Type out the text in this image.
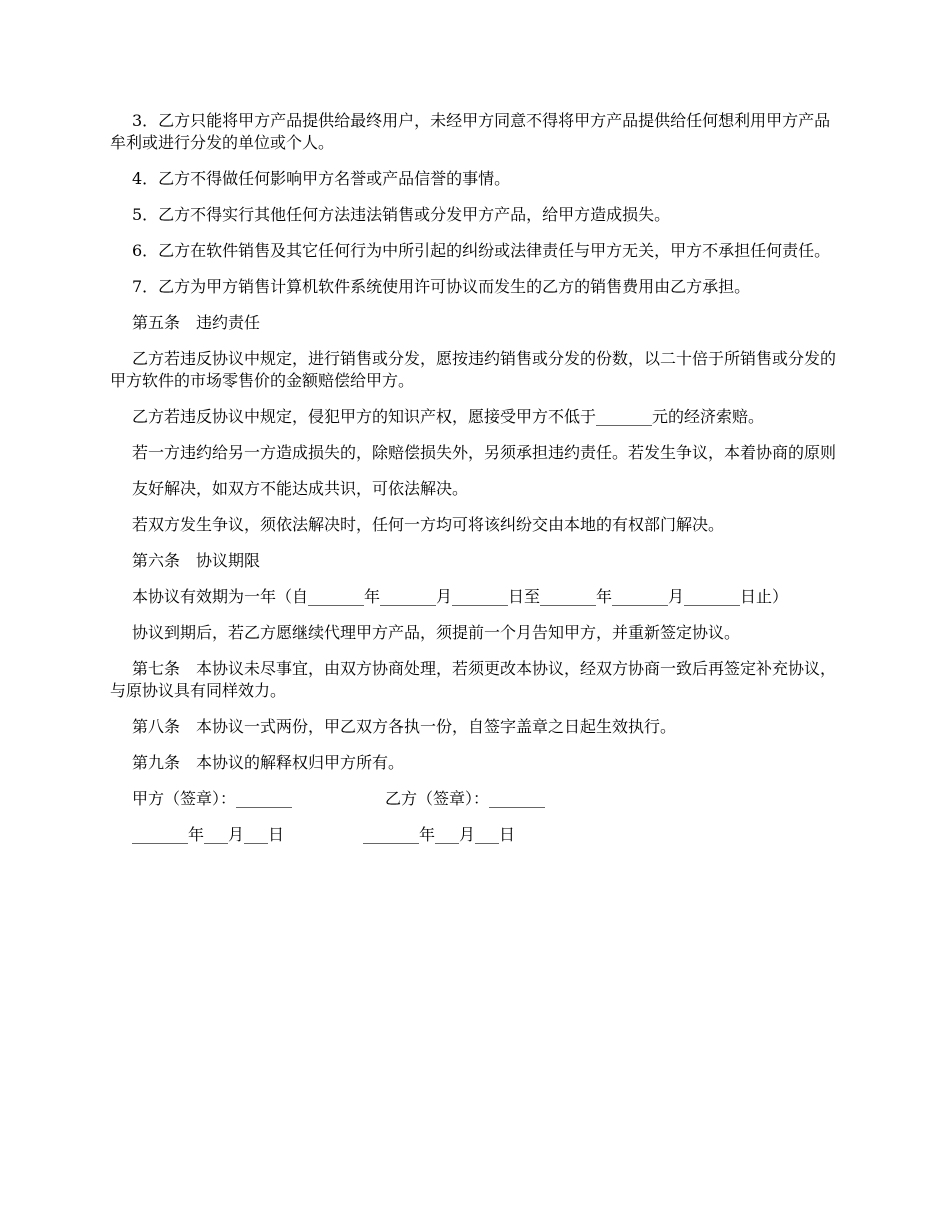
3．乙方只能将甲方产品提供给最终用户，未经甲方同意不得将甲方产品提供给任何想利用甲方产品牟利或进行分发的单位或个人。

4．乙方不得做任何影响甲方名誉或产品信誉的事情。

5．乙方不得实行其他任何方法违法销售或分发甲方产品，给甲方造成损失。

6．乙方在软件销售及其它任何行为中所引起的纠纷或法律责任与甲方无关，甲方不承担任何责任。

7．乙方为甲方销售计算机软件系统使用许可协议而发生的乙方的销售费用由乙方承担。

第五条　违约责任

乙方若违反协议中规定，进行销售或分发，愿按违约销售或分发的份数，以二十倍于所销售或分发的甲方软件的市场零售价的金额赔偿给甲方。

乙方若违反协议中规定，侵犯甲方的知识产权，愿接受甲方不低于_______元的经济索赔。

若一方违约给另一方造成损失的，除赔偿损失外，另须承担违约责任。若发生争议，本着协商的原则

友好解决，如双方不能达成共识，可依法解决。

若双方发生争议，须依法解决时，任何一方均可将该纠纷交由本地的有权部门解决。

第六条　协议期限

本协议有效期为一年（自_______年_______月_______日至_______年_______月_______日止）

协议到期后，若乙方愿继续代理甲方产品，须提前一个月告知甲方，并重新签定协议。

第七条　本协议未尽事宜，由双方协商处理，若须更改本协议，经双方协商一致后再签定补充协议，与原协议具有同样效力。

第八条　本协议一式两份，甲乙双方各执一份，自签字盖章之日起生效执行。

第九条　本协议的解释权归甲方所有。

甲方（签章）：_______

	乙方（签章）：_______

_______年___月___日

	_______年___月___日
